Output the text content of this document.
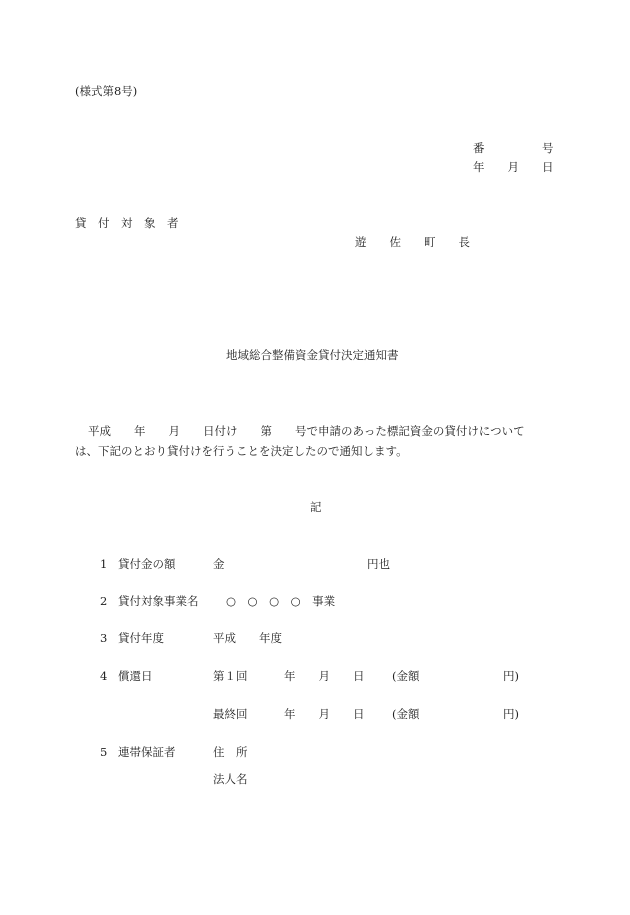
(様式第8号)
番　　　　　号
年　　月　　日
貸　付　対　象　者
遊　　佐　　町　　長
地域総合整備資金貸付決定通知書
平成　　年　　月　　日付け　　第　　号で申請のあった標記資金の貸付けについて
は、下記のとおり貸付けを行うことを決定したので通知します。
記
1 貸付金の額	金	円也
2 貸付対象事業名 ○　○　○　○　事業
3 貸付年度	平成　　年度
4 償還日	第１回	年　　月　　日 (金額	円)
最終回	年　　月　　日 (金額	円)
5 連帯保証者	住　所
法人名
